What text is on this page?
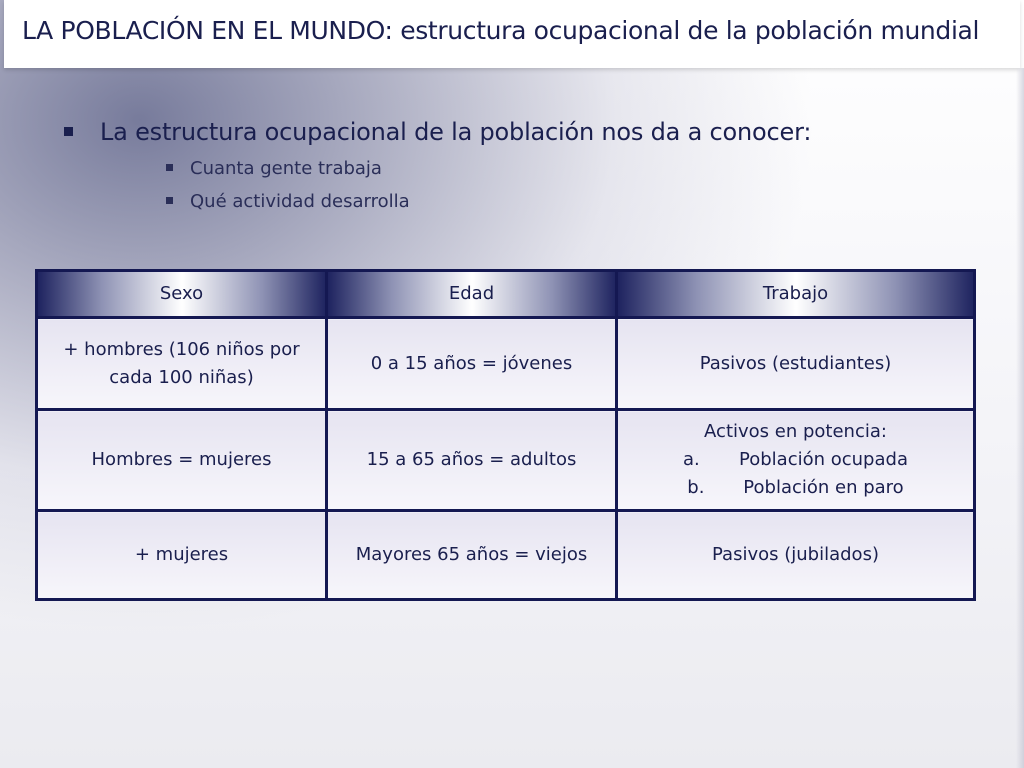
LA POBLACIÓN EN EL MUNDO: estructura ocupacional de la población mundial
La estructura ocupacional de la población nos da a conocer:
Cuanta gente trabaja
Qué actividad desarrolla
Sexo	Edad	Trabajo
+ hombres (106 niños por cada 100 niñas)	0 a 15 años = jóvenes	Pasivos (estudiantes)
Hombres = mujeres	15 a 65 años = adultos	Activos en potencia:
a. Población ocupada
b. Población en paro

+ mujeres	Mayores 65 años = viejos	Pasivos (jubilados)
